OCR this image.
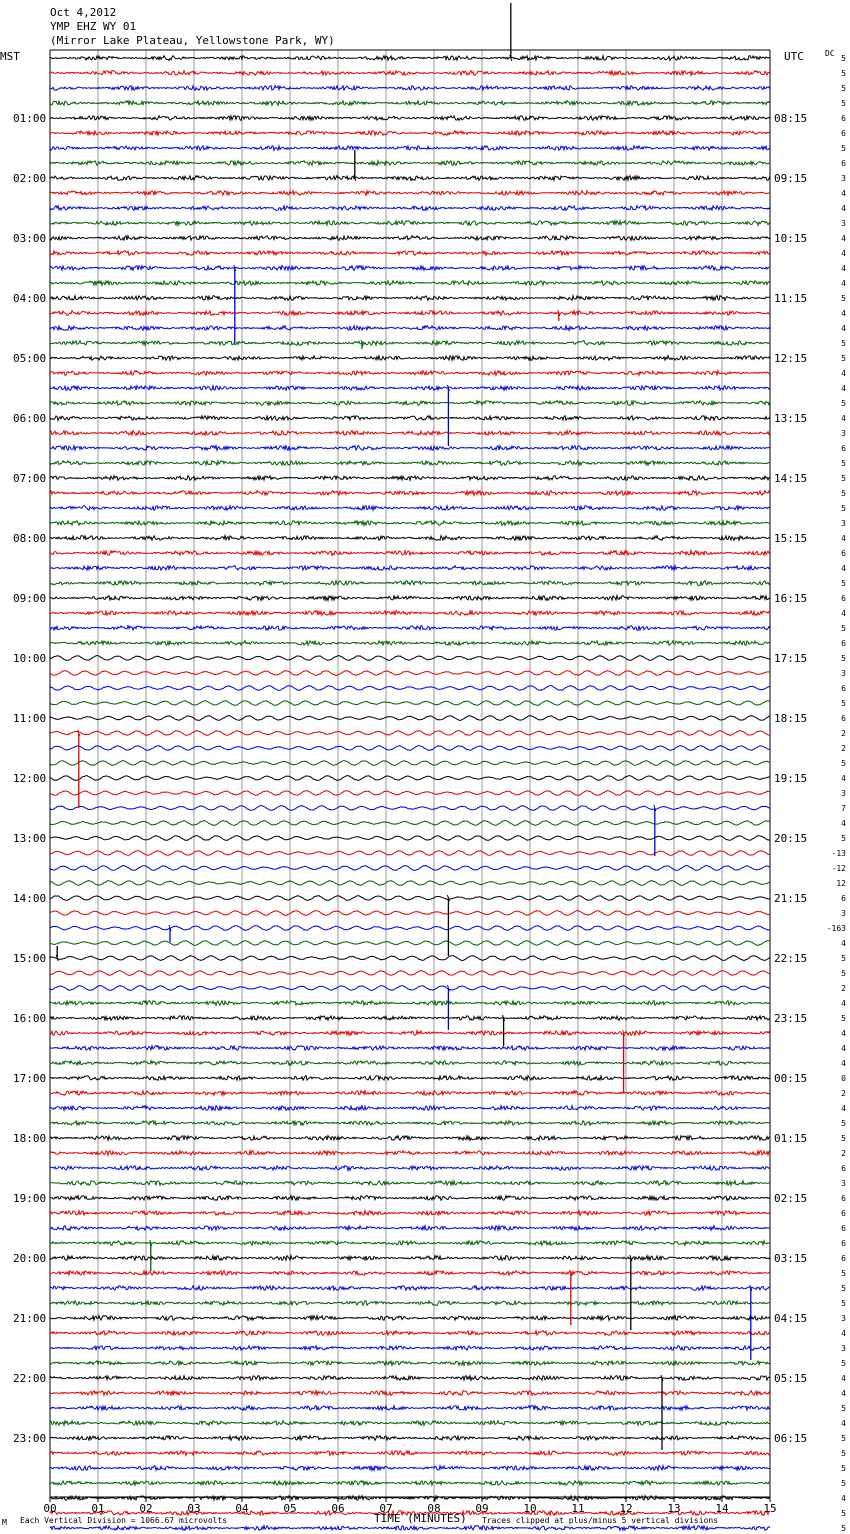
Oct 4,2012
YMP EHZ WY 01
(Mirror Lake Plateau, Yellowstone Park, WY)
MST	UTC	DC
01:00
02:00
03:00
04:00
05:00
06:00
07:00
08:00
09:00
10:00
11:00
12:00
13:00
14:00
15:00
16:00
17:00
18:00
19:00
20:00
21:00
22:00
23:00
08:15
09:15
10:15
11:15
12:15
13:15
14:15
15:15
16:15
17:15
18:15
19:15
20:15
21:15
22:15
23:15
00:15
01:15
02:15
03:15
04:15
05:15
06:15
5
5
5
5
6
6
5
6
3
4
4
3
4
4
4
4
5
4
4
5
5
4
4
5
4
3
6
5
5
5
5
3
4
6
4
5
6
4
5
6
5
3
6
5
6
2
2
5
4
3
7
4
5
-13
-12
12
6
3
-163
4
5
5
2
4
5
4
4
4
0
2
4
5
5
2
6
3
6
6
6
6
6
5
5
5
3
4
3
5
4
4
5
4
5
5
5
5
4
5
5
00	01	02	03	04	05	06	07	08	09	10	11	12	13	14	15
M Each Vertical Division = 1066.67 microvolts	TIME (MINUTES) Traces clipped at plus/minus 5 vertical divisions
